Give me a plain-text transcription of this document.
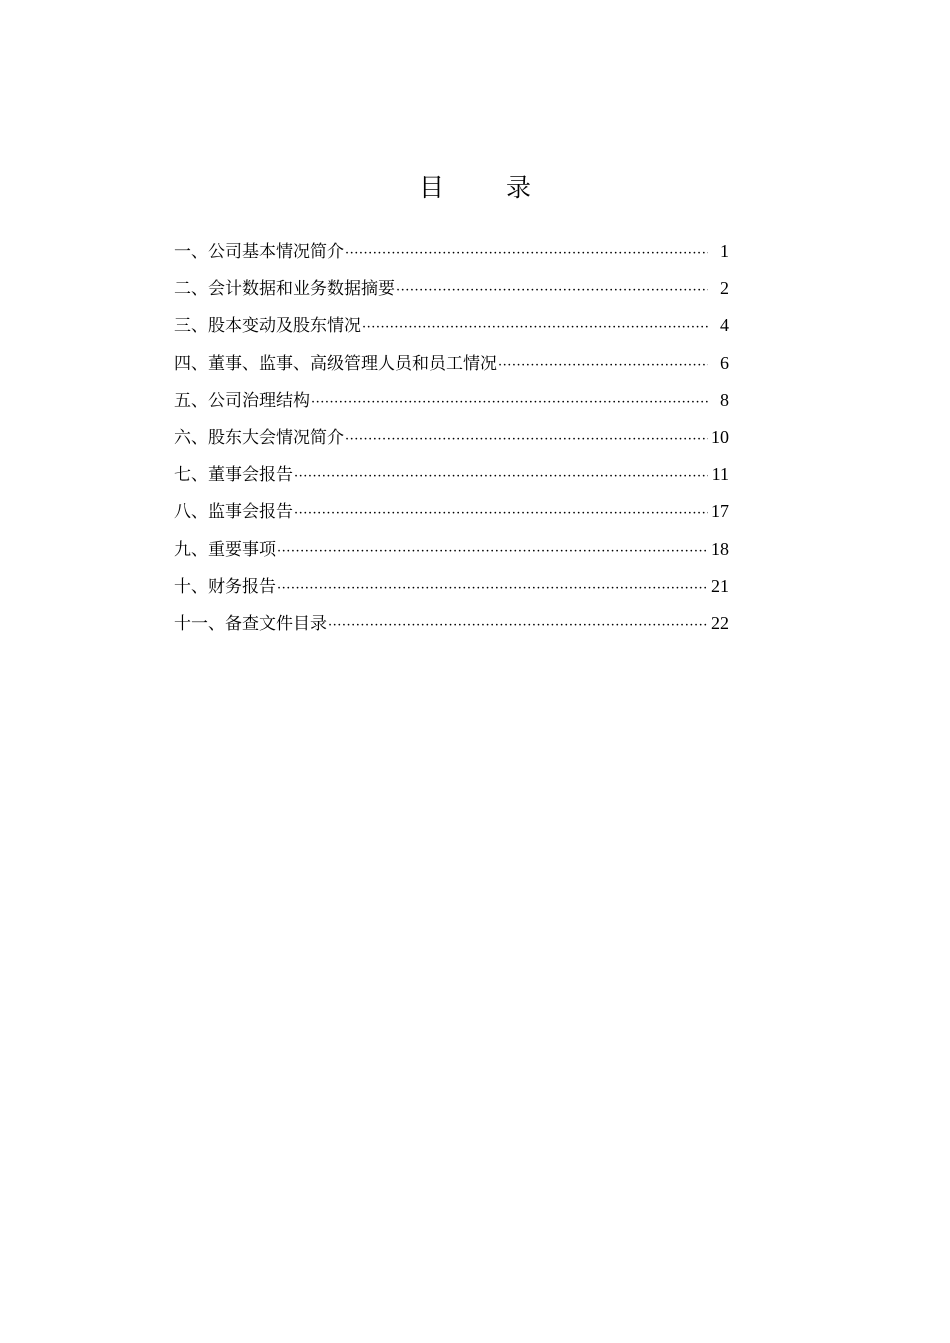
目 录
一、公司基本情况简介 ·····	1
二、会计数据和业务数据摘要 ·····	2
三、股本变动及股东情况 ·····	4
四、董事、监事、高级管理人员和员工情况 ·····	6
五、公司治理结构 ·····	8
六、股东大会情况简介 ·····	10
七、董事会报告 ·····	11
八、监事会报告 ·····	17
九、重要事项 ·····	18
十、财务报告 ·····	21
十一、备查文件目录 ·····	22
